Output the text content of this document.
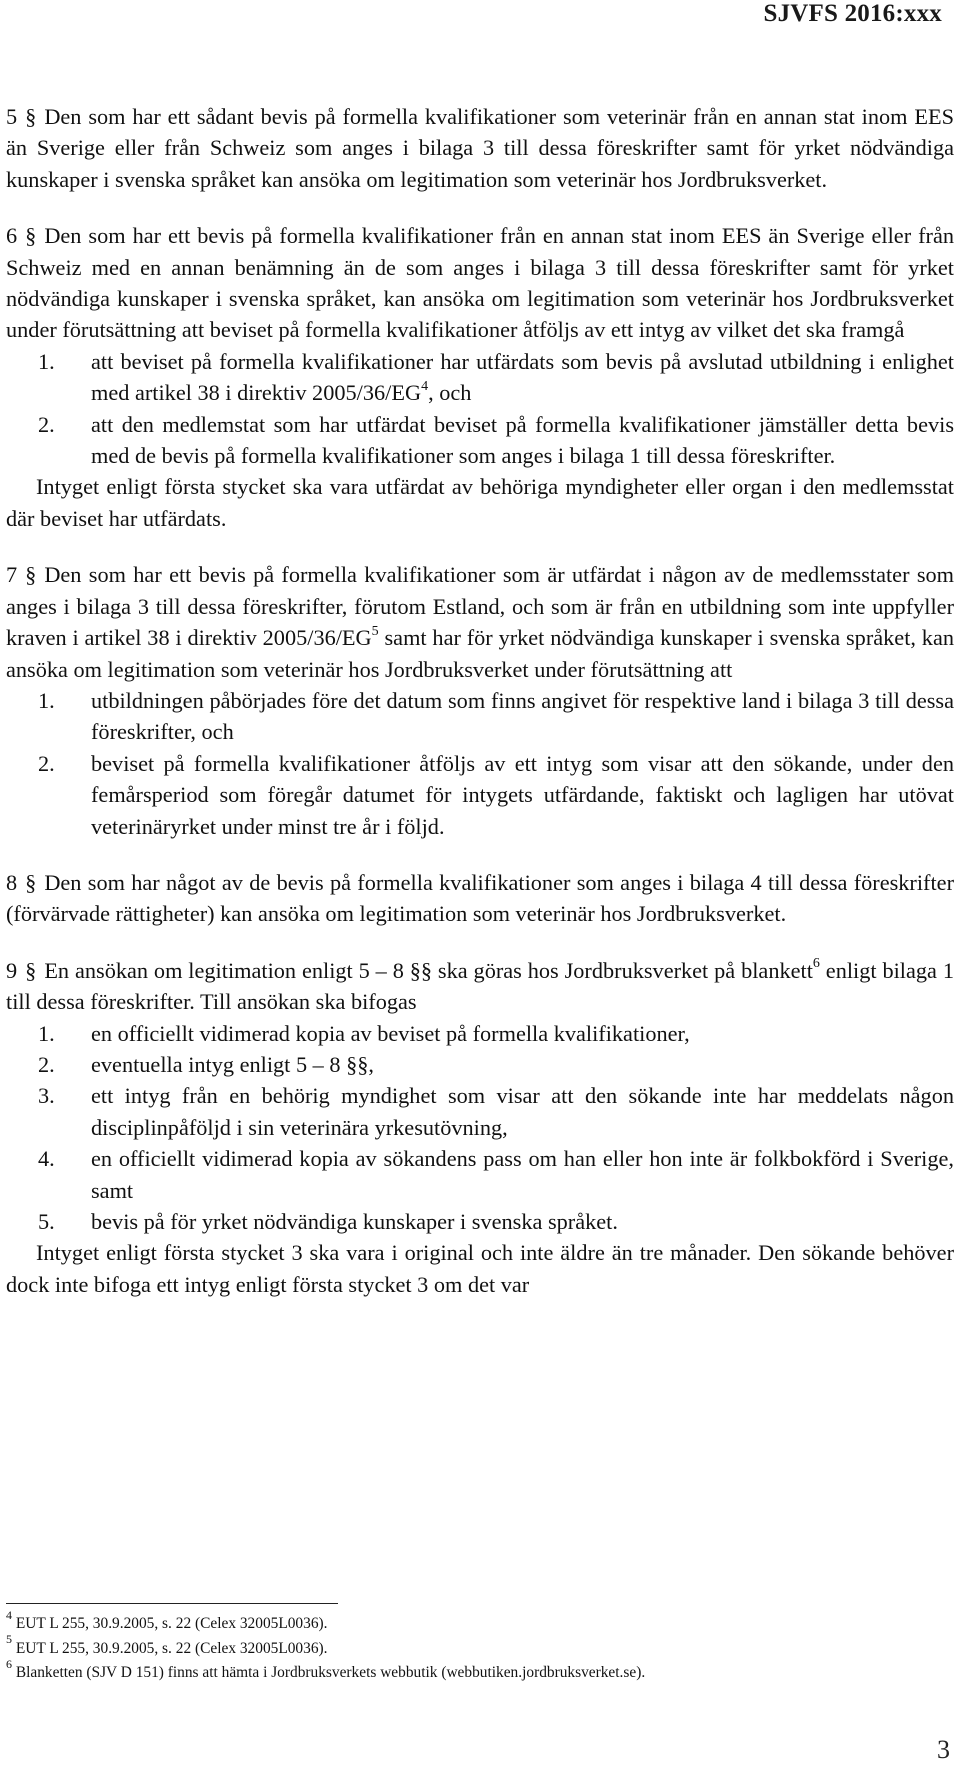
SJVFS 2016:xxx

5 § Den som har ett sådant bevis på formella kvalifikationer som veterinär från en annan stat inom EES än Sverige eller från Schweiz som anges i bilaga 3 till dessa föreskrifter samt för yrket nödvändiga kunskaper i svenska språket kan ansöka om legitimation som veterinär hos Jordbruksverket.

6 § Den som har ett bevis på formella kvalifikationer från en annan stat inom EES än Sverige eller från Schweiz med en annan benämning än de som anges i bilaga 3 till dessa föreskrifter samt för yrket nödvändiga kunskaper i svenska språket, kan ansöka om legitimation som veterinär hos Jordbruksverket under förutsättning att beviset på formella kvalifikationer åtföljs av ett intyg av vilket det ska framgå

1. att beviset på formella kvalifikationer har utfärdats som bevis på avslutad utbildning i enlighet med artikel 38 i direktiv $2005/36/EG^4$, och
2. att den medlemstat som har utfärdat beviset på formella kvalifikationer jämställer detta bevis med de bevis på formella kvalifikationer som anges i bilaga 1 till dessa föreskrifter.

Intyget enligt första stycket ska vara utfärdat av behöriga myndigheter eller organ i den medlemsstat där beviset har utfärdats.

7 § Den som har ett bevis på formella kvalifikationer som är utfärdat i någon av de medlemsstater som anges i bilaga 3 till dessa föreskrifter, förutom Estland, och som är från en utbildning som inte uppfyller kraven i artikel 38 i direktiv $2005/36/EG^5$ samt har för yrket nödvändiga kunskaper i svenska språket, kan ansöka om legitimation som veterinär hos Jordbruksverket under förutsättning att

1. utbildningen påbörjades före det datum som finns angivet för respektive land i bilaga 3 till dessa föreskrifter, och
2. beviset på formella kvalifikationer åtföljs av ett intyg som visar att den sökande, under den femårsperiod som föregår datumet för intygets utfärdande, faktiskt och lagligen har utövat veterinäryrket under minst tre år i följd.

8 § Den som har något av de bevis på formella kvalifikationer som anges i bilaga 4 till dessa föreskrifter (förvärvade rättigheter) kan ansöka om legitimation som veterinär hos Jordbruksverket.

9 § En ansökan om legitimation enligt 5 – 8 §§ ska göras hos Jordbruksverket på blankett$^6$ enligt bilaga 1 till dessa föreskrifter. Till ansökan ska bifogas

1. en officiellt vidimerad kopia av beviset på formella kvalifikationer,
2. eventuella intyg enligt 5 – 8 §§,
3. ett intyg från en behörig myndighet som visar att den sökande inte har meddelats någon disciplinpåföljd i sin veterinära yrkesutövning,
4. en officiellt vidimerad kopia av sökandens pass om han eller hon inte är folkbokförd i Sverige, samt
5. bevis på för yrket nödvändiga kunskaper i svenska språket.

Intyget enligt första stycket 3 ska vara i original och inte äldre än tre månader. Den sökande behöver dock inte bifoga ett intyg enligt första stycket 3 om det var

$^4$ EUT L 255, 30.9.2005, s. 22 (Celex 32005L0036).

$^5$ EUT L 255, 30.9.2005, s. 22 (Celex 32005L0036).

$^6$ Blanketten (SJV D 151) finns att hämta i Jordbruksverkets webbutik (webbutiken.jordbruksverket.se).

3
